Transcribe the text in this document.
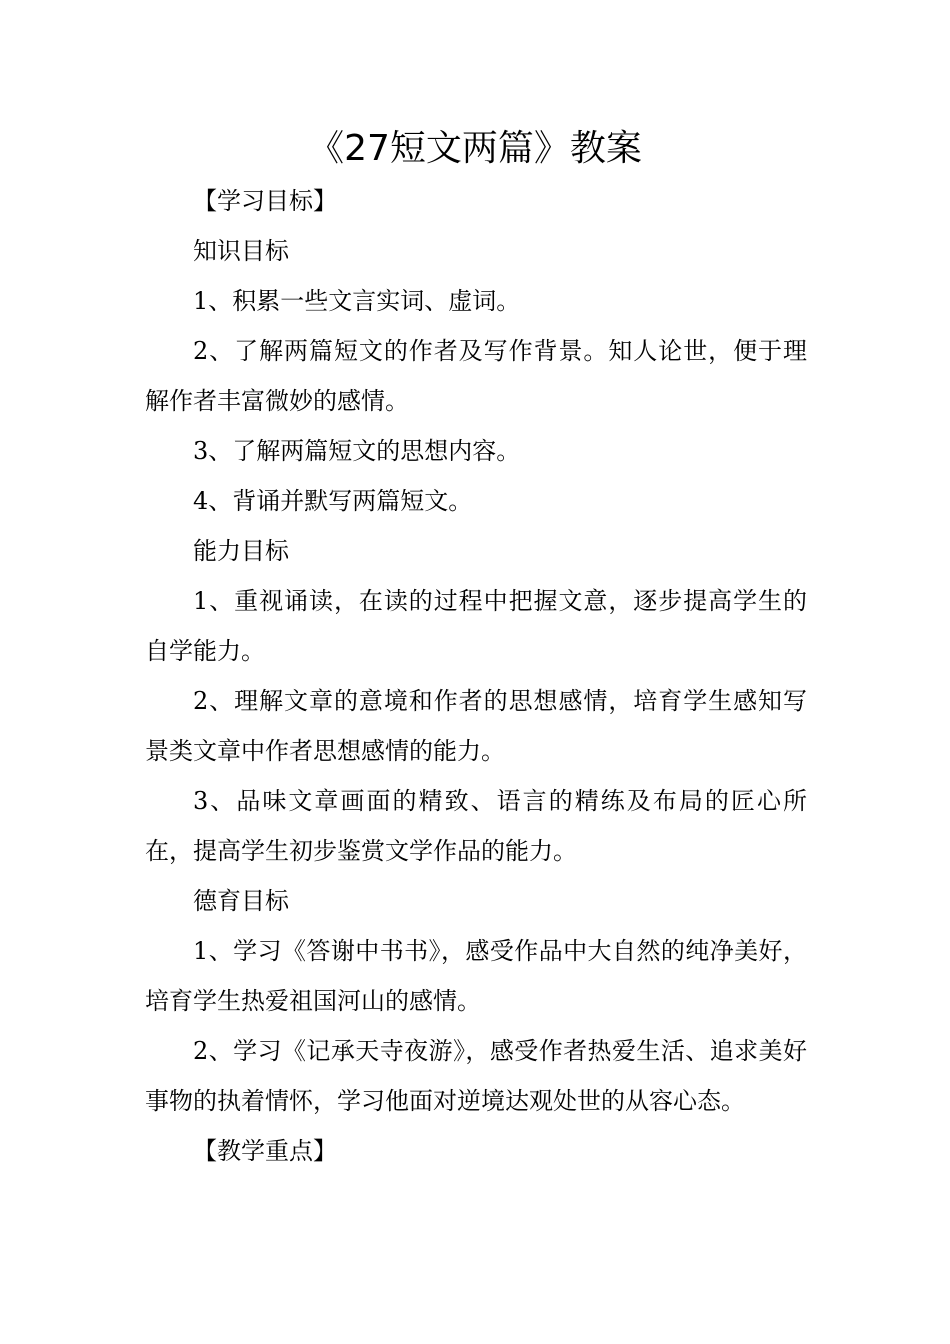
《27短文两篇》教案

【学习目标】

知识目标

1、积累一些文言实词、虚词。

2、了解两篇短文的作者及写作背景。知人论世，便于理解作者丰富微妙的感情。

3、了解两篇短文的思想内容。

4、背诵并默写两篇短文。

能力目标

1、重视诵读，在读的过程中把握文意，逐步提高学生的自学能力。

2、理解文章的意境和作者的思想感情，培育学生感知写景类文章中作者思想感情的能力。

3、品味文章画面的精致、语言的精练及布局的匠心所在，提高学生初步鉴赏文学作品的能力。

德育目标

1、学习《答谢中书书》，感受作品中大自然的纯净美好，培育学生热爱祖国河山的感情。

2、学习《记承天寺夜游》，感受作者热爱生活、追求美好事物的执着情怀，学习他面对逆境达观处世的从容心态。

【教学重点】
